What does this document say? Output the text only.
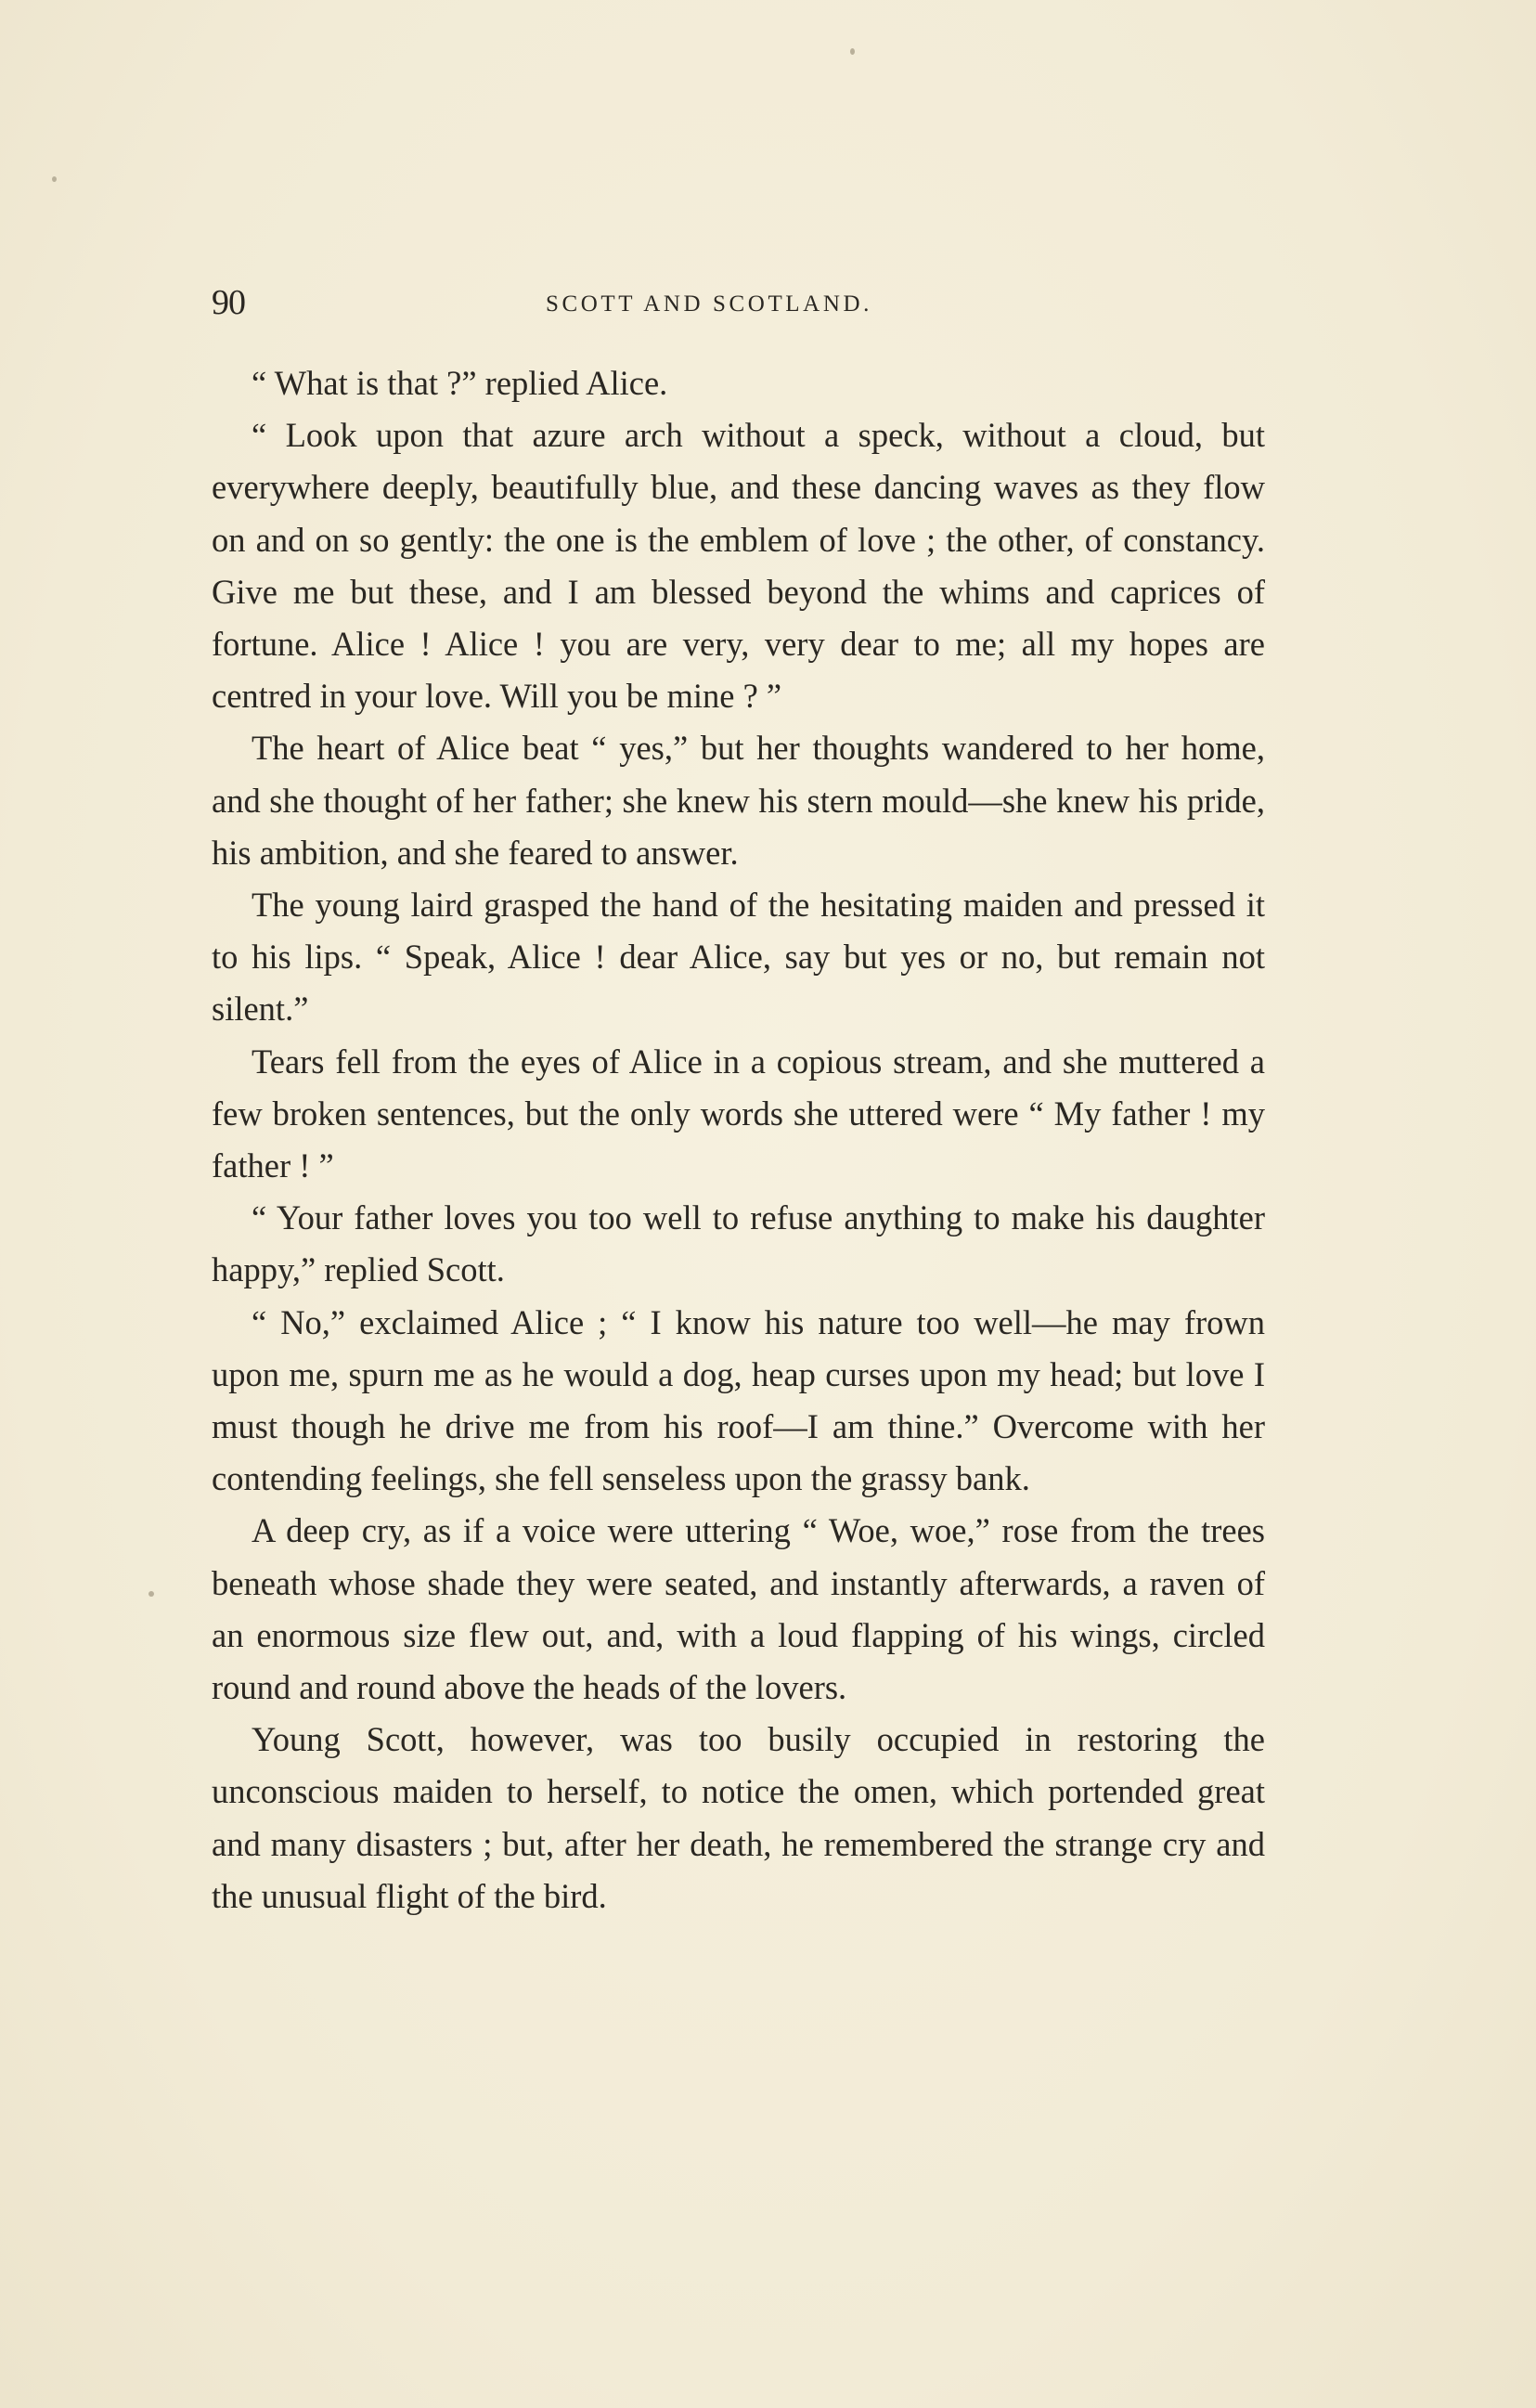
90	SCOTT AND SCOTLAND.

“ What is that ?” replied Alice.

“ Look upon that azure arch without a speck, without a cloud, but everywhere deeply, beautifully blue, and these dancing waves as they flow on and on so gently: the one is the emblem of love ; the other, of constancy. Give me but these, and I am blessed beyond the whims and caprices of fortune. Alice ! Alice ! you are very, very dear to me; all my hopes are centred in your love. Will you be mine ? ”

The heart of Alice beat “ yes,” but her thoughts wandered to her home, and she thought of her father; she knew his stern mould—she knew his pride, his ambition, and she feared to answer.

The young laird grasped the hand of the hesitating maiden and pressed it to his lips. “ Speak, Alice ! dear Alice, say but yes or no, but remain not silent.”

Tears fell from the eyes of Alice in a copious stream, and she muttered a few broken sentences, but the only words she uttered were “ My father ! my father ! ”

“ Your father loves you too well to refuse anything to make his daughter happy,” replied Scott.

“ No,” exclaimed Alice ; “ I know his nature too well—he may frown upon me, spurn me as he would a dog, heap curses upon my head; but love I must though he drive me from his roof—I am thine.” Overcome with her contending feelings, she fell senseless upon the grassy bank.

A deep cry, as if a voice were uttering “ Woe, woe,” rose from the trees beneath whose shade they were seated, and instantly afterwards, a raven of an enormous size flew out, and, with a loud flapping of his wings, circled round and round above the heads of the lovers.

Young Scott, however, was too busily occupied in restoring the unconscious maiden to herself, to notice the omen, which portended great and many disasters ; but, after her death, he remembered the strange cry and the unusual flight of the bird.
